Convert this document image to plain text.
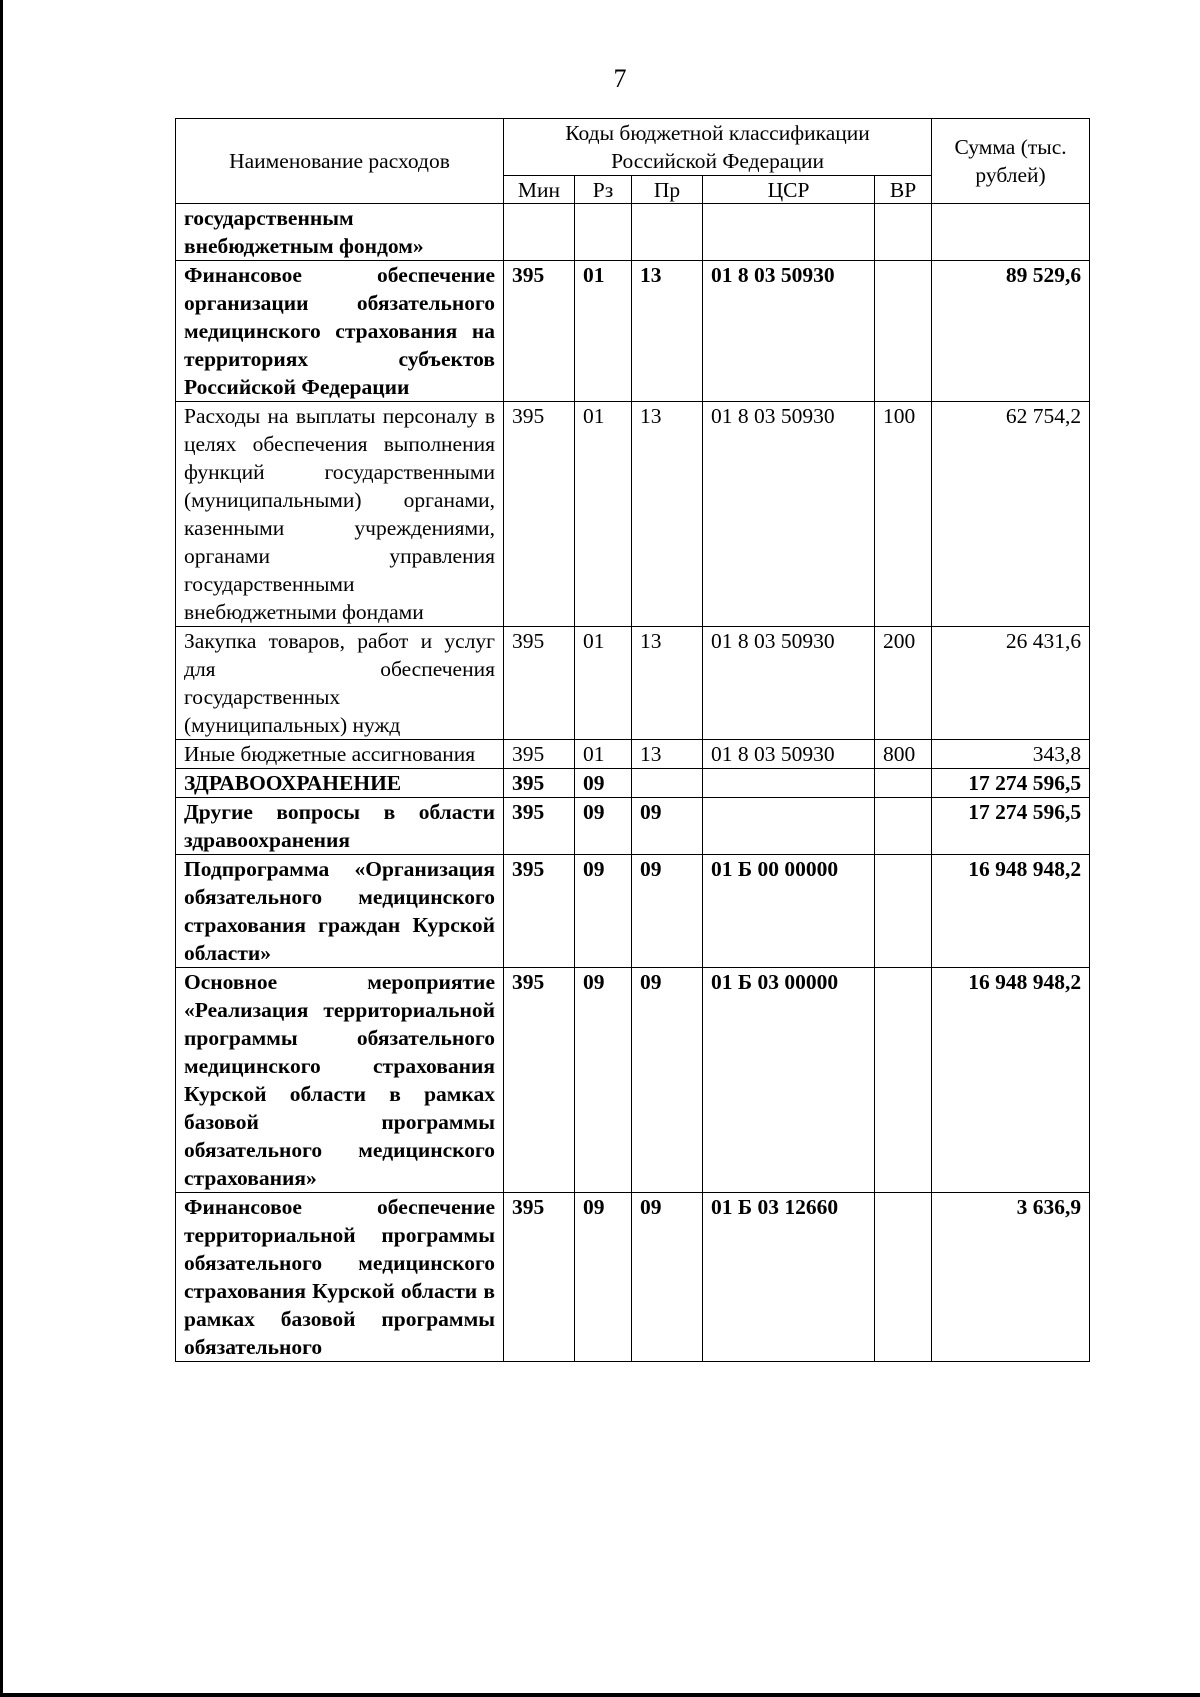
7
Наименование расходов	Коды бюджетной классификации Российской Федерации					Сумма (тыс. рублей)
	Мин	Рз	Пр	ЦСР	ВР	
государственным внебюджетным фондом»						
Финансовое обеспечение организации обязательного медицинского страхования на территориях субъектов Российской Федерации	395	01	13	01 8 03 50930		89 529,6
Расходы на выплаты персоналу в целях обеспечения выполнения функций государственными (муниципальными) органами, казенными учреждениями, органами управления государственными внебюджетными фондами	395	01	13	01 8 03 50930	100	62 754,2
Закупка товаров, работ и услуг для обеспечения государственных (муниципальных) нужд	395	01	13	01 8 03 50930	200	26 431,6
Иные бюджетные ассигнования	395	01	13	01 8 03 50930	800	343,8
ЗДРАВООХРАНЕНИЕ	395	09				17 274 596,5
Другие вопросы в области здравоохранения	395	09	09			17 274 596,5
Подпрограмма «Организация обязательного медицинского страхования граждан Курской области»	395	09	09	01 Б 00 00000		16 948 948,2
Основное мероприятие «Реализация территориальной программы обязательного медицинского страхования Курской области в рамках базовой программы обязательного медицинского страхования»	395	09	09	01 Б 03 00000		16 948 948,2
Финансовое обеспечение территориальной программы обязательного медицинского страхования Курской области в рамках базовой программы обязательного	395	09	09	01 Б 03 12660		3 636,9
